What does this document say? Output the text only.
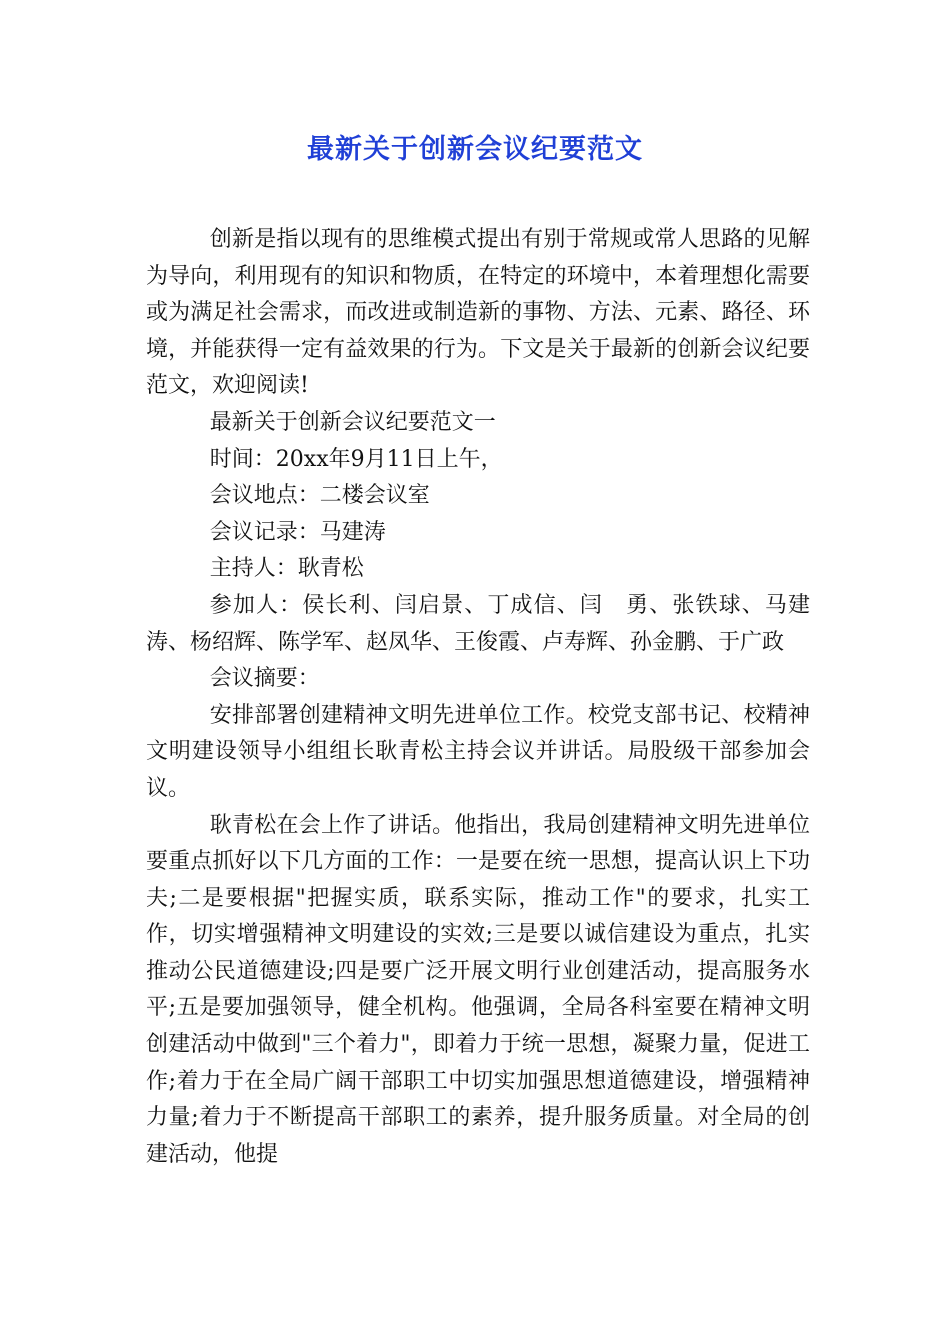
最新关于创新会议纪要范文

创新是指以现有的思维模式提出有别于常规或常人思路的见解为导向，利用现有的知识和物质，在特定的环境中，本着理想化需要或为满足社会需求，而改进或制造新的事物、方法、元素、路径、环境，并能获得一定有益效果的行为。下文是关于最新的创新会议纪要范文，欢迎阅读!

最新关于创新会议纪要范文一

时间：20xx年9月11日上午，

会议地点：二楼会议室

会议记录：马建涛

主持人：耿青松

参加人：侯长利、闫启景、丁成信、闫　勇、张铁球、马建涛、杨绍辉、陈学军、赵凤华、王俊霞、卢寿辉、孙金鹏、于广政

会议摘要：

安排部署创建精神文明先进单位工作。校党支部书记、校精神文明建设领导小组组长耿青松主持会议并讲话。局股级干部参加会议。

耿青松在会上作了讲话。他指出，我局创建精神文明先进单位要重点抓好以下几方面的工作：一是要在统一思想，提高认识上下功夫;二是要根据"把握实质，联系实际，推动工作"的要求，扎实工作，切实增强精神文明建设的实效;三是要以诚信建设为重点，扎实推动公民道德建设;四是要广泛开展文明行业创建活动，提高服务水平;五是要加强领导，健全机构。他强调，全局各科室要在精神文明创建活动中做到"三个着力"，即着力于统一思想，凝聚力量，促进工作;着力于在全局广阔干部职工中切实加强思想道德建设，增强精神力量;着力于不断提高干部职工的素养，提升服务质量。对全局的创建活动，他提
